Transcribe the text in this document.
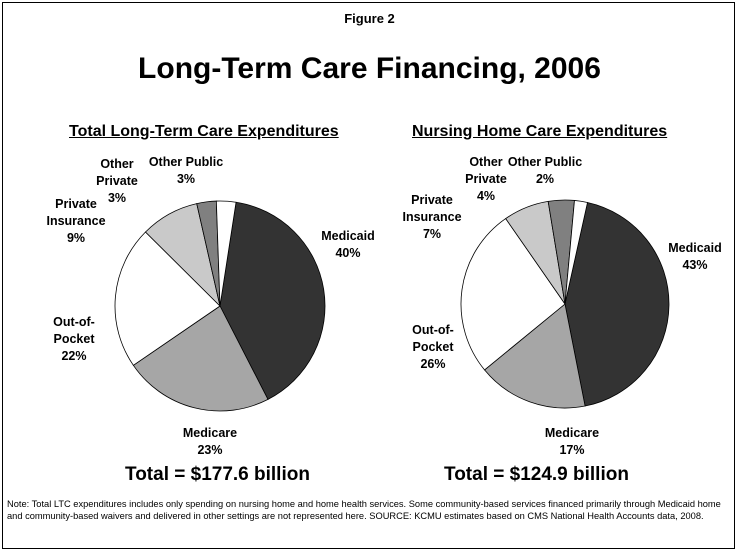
Figure 2
Long-Term Care Financing, 2006
Total Long-Term Care Expenditures	Nursing Home Care Expenditures
Medicaid 40%
Medicare 23%
Out-of-Pocket 22%
Private Insurance 9%
Other Private 3%
Other Public 3%
Medicaid 43%
Medicare 17%
Out-of-Pocket 26%
Private Insurance 7%
Other Private 4%
Other Public 2%
Total = $177.6 billion	Total = $124.9 billion
Note: Total LTC expenditures includes only spending on nursing home and home health services. Some community-based services financed primarily through Medicaid home and community-based waivers and delivered in other settings are not represented here. SOURCE: KCMU estimates based on CMS National Health Accounts data, 2008.
